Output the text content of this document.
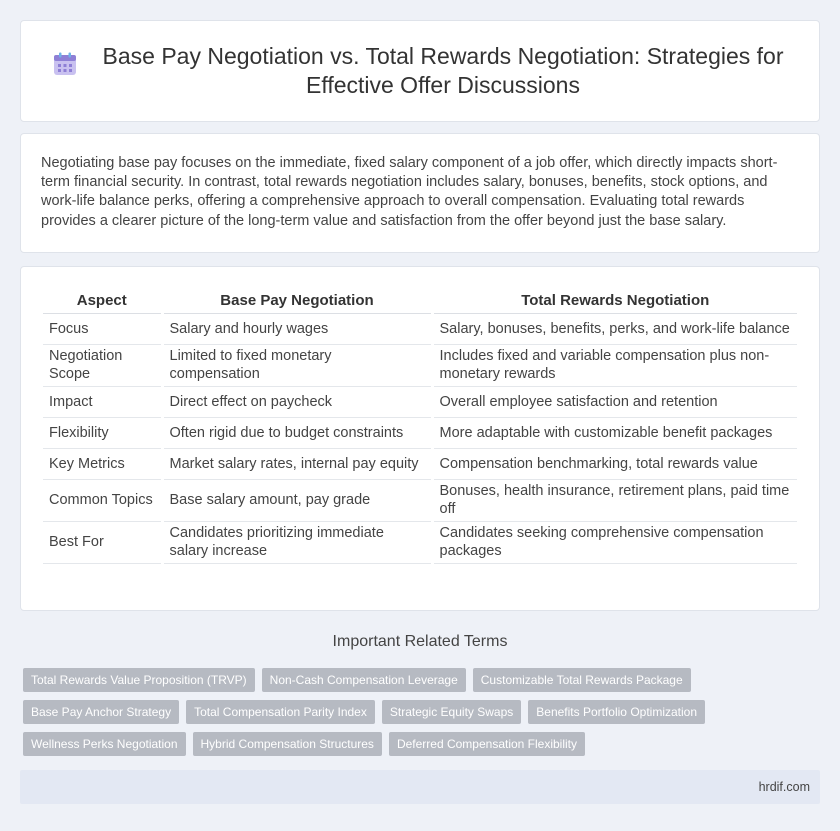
Base Pay Negotiation vs. Total Rewards Negotiation: Strategies for Effective Offer Discussions

Negotiating base pay focuses on the immediate, fixed salary component of a job offer, which directly impacts short-term financial security. In contrast, total rewards negotiation includes salary, bonuses, benefits, stock options, and work-life balance perks, offering a comprehensive approach to overall compensation. Evaluating total rewards provides a clearer picture of the long-term value and satisfaction from the offer beyond just the base salary.

Aspect	Base Pay Negotiation	Total Rewards Negotiation
Focus	Salary and hourly wages	Salary, bonuses, benefits, perks, and work-life balance
Negotiation Scope	Limited to fixed monetary compensation	Includes fixed and variable compensation plus non-monetary rewards
Impact	Direct effect on paycheck	Overall employee satisfaction and retention
Flexibility	Often rigid due to budget constraints	More adaptable with customizable benefit packages
Key Metrics	Market salary rates, internal pay equity	Compensation benchmarking, total rewards value
Common Topics	Base salary amount, pay grade	Bonuses, health insurance, retirement plans, paid time off
Best For	Candidates prioritizing immediate salary increase	Candidates seeking comprehensive compensation packages
Important Related Terms
Total Rewards Value Proposition (TRVP)	Non-Cash Compensation Leverage	Customizable Total Rewards Package
Base Pay Anchor Strategy	Total Compensation Parity Index	Strategic Equity Swaps	Benefits Portfolio Optimization
Wellness Perks Negotiation	Hybrid Compensation Structures	Deferred Compensation Flexibility
hrdif.com
